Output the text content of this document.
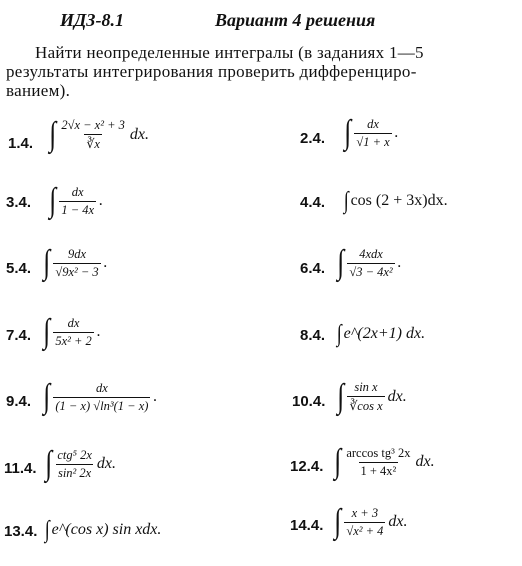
ИДЗ-8.1	Вариант 4 решения
Найти неопределенные интегралы (в заданиях 1—5
результаты интегрирования проверить дифференциро-
ванием).
1.4. ∫ $\frac{\text{2√x − x² + 3}}{∛x}$ dx.	2.4. ∫ $\frac{dx}{√1 + x}$ .
3.4. ∫ $\frac{dx}{1 - 4x}$ .	4.4. ∫ cos (2 + 3x)dx.
5.4. ∫ $\frac{9dx}{\text{√9x² − 3}}$ .	6.4. ∫ $\frac{\text{4xdx}}{\text{√3 − 4x²}}$ .
7.4. ∫ $\frac{dx}{\text{5x² + 2}}$ .	8.4. ∫ e^(2x+1) dx.
9.4. ∫ $\frac{dx}{\text{(1 − x) √ln³(1 − x)}}$ .	10.4. ∫ $\frac{\text{sin x}}{\text{∛cos x}}$ dx.
11.4. ∫ $\frac{\text{ctg⁵ 2x}}{\text{sin² 2x}}$ dx.	12.4. ∫ $\frac{\text{arccos tg³ 2x}}{\text{1 + 4x²}}$ dx.
13.4. ∫ e^(cos x) sin xdx.	14.4. ∫ $\frac{x + 3}{\text{√x² + 4}}$ dx.
